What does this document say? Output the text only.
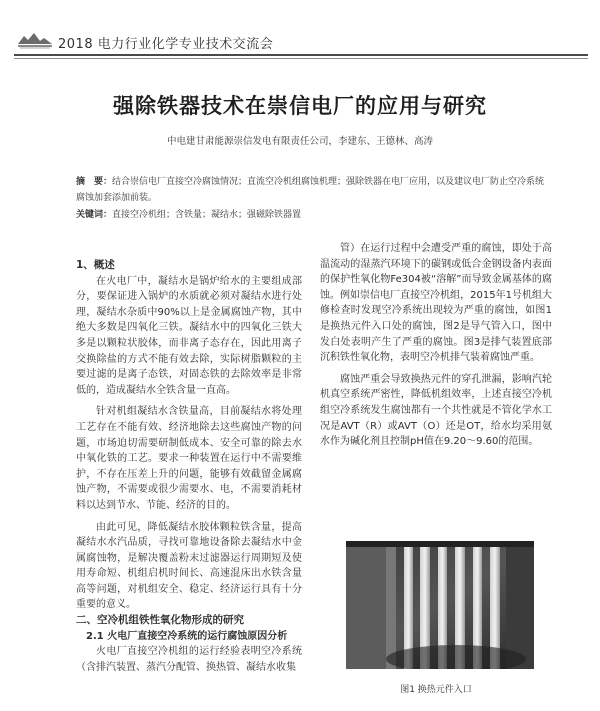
2018 电力行业化学专业技术交流会
强除铁器技术在崇信电厂的应用与研究
中电建甘肃能源崇信发电有限责任公司，李建东、王德林、高涛
摘　要：结合崇信电厂直接空冷腐蚀情况；直流空冷机组腐蚀机理；强除铁器在电厂应用，以及建议电厂防止空冷系统腐蚀加套添加前装。
关键词：直接空冷机组；含铁量；凝结水；强磁除铁器置

1、概述

在火电厂中，凝结水是锅炉给水的主要组成部分，要保证进入锅炉的水质就必须对凝结水进行处理，凝结水杂质中90%以上是金属腐蚀产物，其中绝大多数是四氧化三铁。凝结水中的四氧化三铁大多是以颗粒状胶体，而非离子态存在，因此用离子交换除盐的方式不能有效去除，实际树脂颗粒的主要过滤的是离子态铁，对固态铁的去除效率是非常低的，造成凝结水全铁含量一直高。

针对机组凝结水含铁量高，目前凝结水将处理工艺存在不能有效、经济地除去这些腐蚀产物的问题，市场迫切需要研制低成本、安全可靠的除去水中氧化铁的工艺。要求一种装置在运行中不需要维护，不存在压差上升的问题，能够有效截留金属腐蚀产物，不需要或很少需要水、电，不需要消耗材料以达到节水、节能、经济的目的。

由此可见，降低凝结水胶体颗粒铁含量，提高凝结水水汽品质，寻找可靠地设备除去凝结水中金属腐蚀物，是解决覆盖粉末过滤器运行周期短及使用寿命短、机组启机时间长、高速混床出水铁含量高等问题，对机组安全、稳定、经济运行具有十分重要的意义。

二、空冷机组铁性氧化物形成的研究

2.1 火电厂直接空冷系统的运行腐蚀原因分析

火电厂直接空冷机组的运行经验表明空冷系统（含排汽装置、蒸汽分配管、换热管、凝结水收集

管）在运行过程中会遭受严重的腐蚀，即处于高温流动的湿蒸汽环境下的碳钢或低合金钢设备内表面的保护性氧化物Fe304被“溶解”而导致金属基体的腐蚀。例如崇信电厂直接空冷机组，2015年1号机组大修检查时发现空冷系统出现较为严重的腐蚀，如图1是换热元件入口处的腐蚀，图2是导气管入口，图中发白处表明产生了严重的腐蚀。图3是排气装置底部沉积铁性氧化物，表明空冷机排气装着腐蚀严重。

腐蚀严重会导致换热元件的穿孔泄漏，影响汽轮机真空系统严密性，降低机组效率，上述直接空冷机组空冷系统发生腐蚀都有一个共性就是不管化学水工况是AVT（R）或AVT（O）还是OT，给水均采用氨水作为碱化剂且控制pH值在9.20～9.60的范围。

图1 换热元件入口
